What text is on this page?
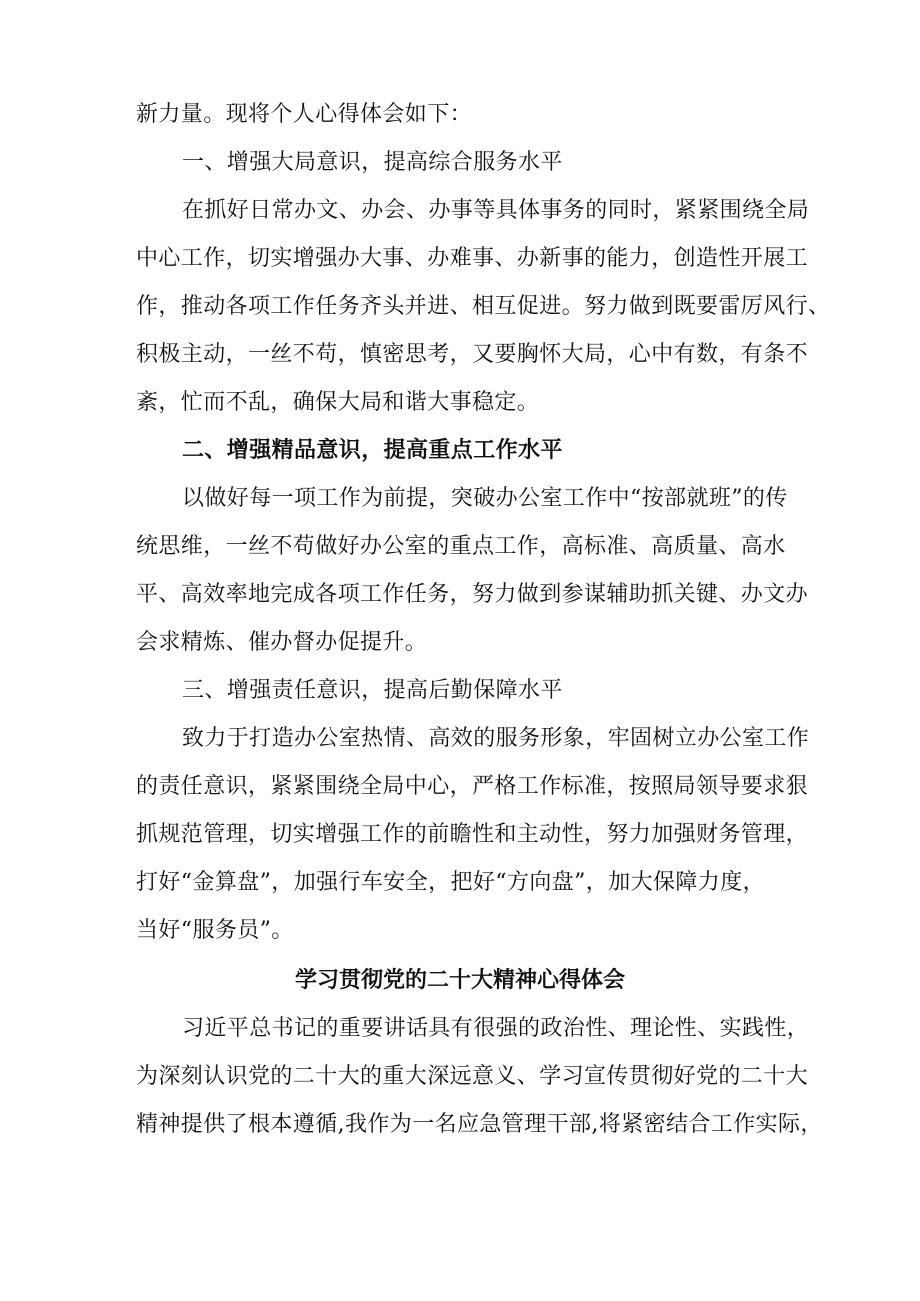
新力量。现将个人心得体会如下：
一、增强大局意识，提高综合服务水平
在抓好日常办文、办会、办事等具体事务的同时，紧紧围绕全局
中心工作，切实增强办大事、办难事、办新事的能力，创造性开展工
作，推动各项工作任务齐头并进、相互促进。努力做到既要雷厉风行、
积极主动，一丝不苟，慎密思考，又要胸怀大局，心中有数，有条不
紊，忙而不乱，确保大局和谐大事稳定。
二、增强精品意识，提高重点工作水平
以做好每一项工作为前提，突破办公室工作中“按部就班”的传
统思维，一丝不苟做好办公室的重点工作，高标准、高质量、高水
平、高效率地完成各项工作任务，努力做到参谋辅助抓关键、办文办
会求精炼、催办督办促提升。
三、增强责任意识，提高后勤保障水平
致力于打造办公室热情、高效的服务形象，牢固树立办公室工作
的责任意识，紧紧围绕全局中心，严格工作标准，按照局领导要求狠
抓规范管理，切实增强工作的前瞻性和主动性，努力加强财务管理，
打好“金算盘”，加强行车安全，把好“方向盘”，加大保障力度，
当好“服务员”。
学习贯彻党的二十大精神心得体会
习近平总书记的重要讲话具有很强的政治性、理论性、实践性，
为深刻认识党的二十大的重大深远意义、学习宣传贯彻好党的二十大
精神提供了根本遵循,我作为一名应急管理干部,将紧密结合工作实际，
